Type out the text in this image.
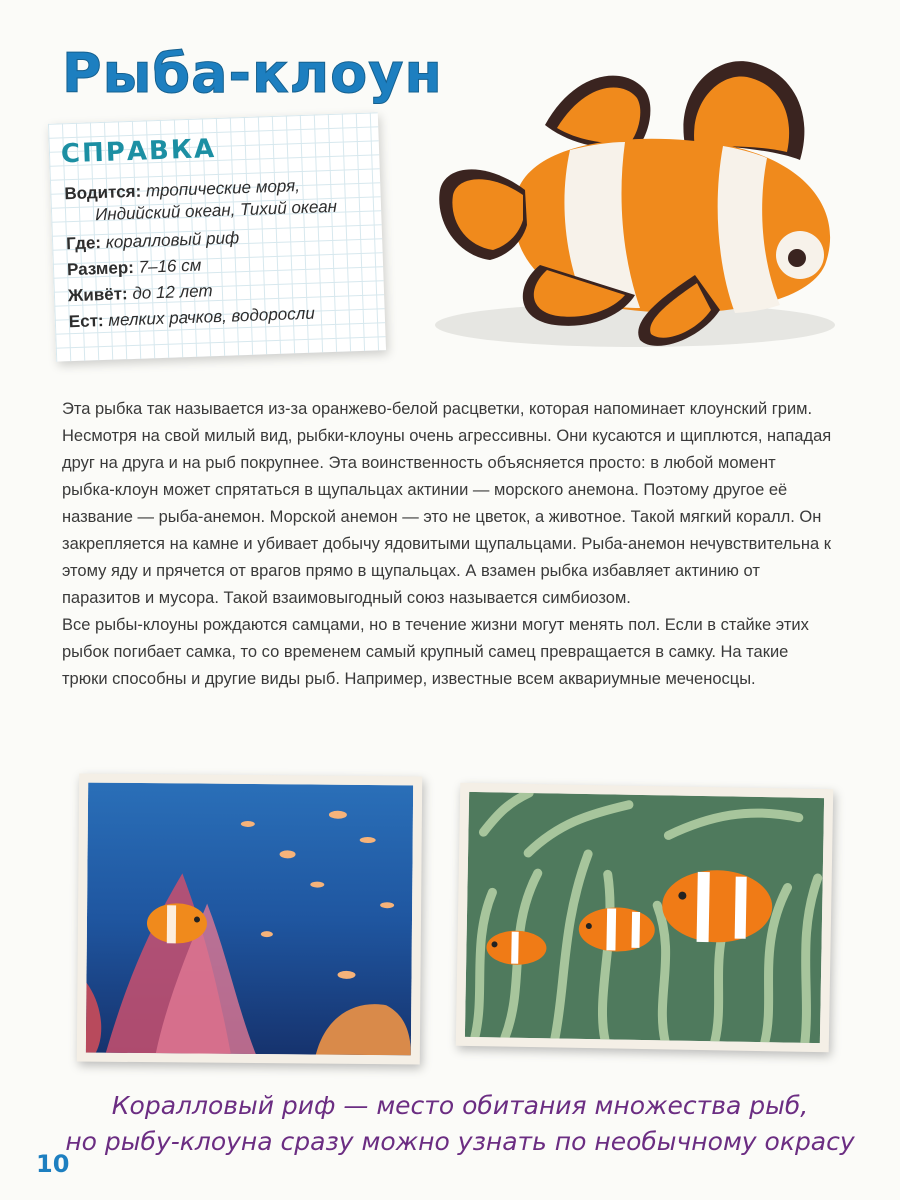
Рыба-клоун
СПРАВКА
Водится: тропические моря,
Индийский океан, Тихий океан
Где: коралловый риф
Размер: 7–16 см
Живёт: до 12 лет
Ест: мелких рачков, водоросли

Эта рыбка так называется из-за оранжево-белой расцветки, которая напоминает клоунский грим. Несмотря на свой милый вид, рыбки-клоуны очень агрессивны. Они кусаются и щиплются, нападая друг на друга и на рыб покрупнее. Эта воинственность объясняется просто: в любой момент рыбка-клоун может спрятаться в щупальцах актинии — морского анемона. Поэтому другое её название — рыба-анемон. Морской анемон — это не цветок, а животное. Такой мягкий коралл. Он закрепляется на камне и убивает добычу ядовитыми щупальцами. Рыба-анемон нечувствительна к этому яду и прячется от врагов прямо в щупальцах. А взамен рыбка избавляет актинию от паразитов и мусора. Такой взаимовыгодный союз называется симбиозом.

Все рыбы-клоуны рождаются самцами, но в течение жизни могут менять пол. Если в стайке этих рыбок погибает самка, то со временем самый крупный самец превращается в самку. На такие трюки способны и другие виды рыб. Например, известные всем аквариумные меченосцы.

Коралловый риф — место обитания множества рыб,
но рыбу-клоуна сразу можно узнать по необычному окрасу
10
